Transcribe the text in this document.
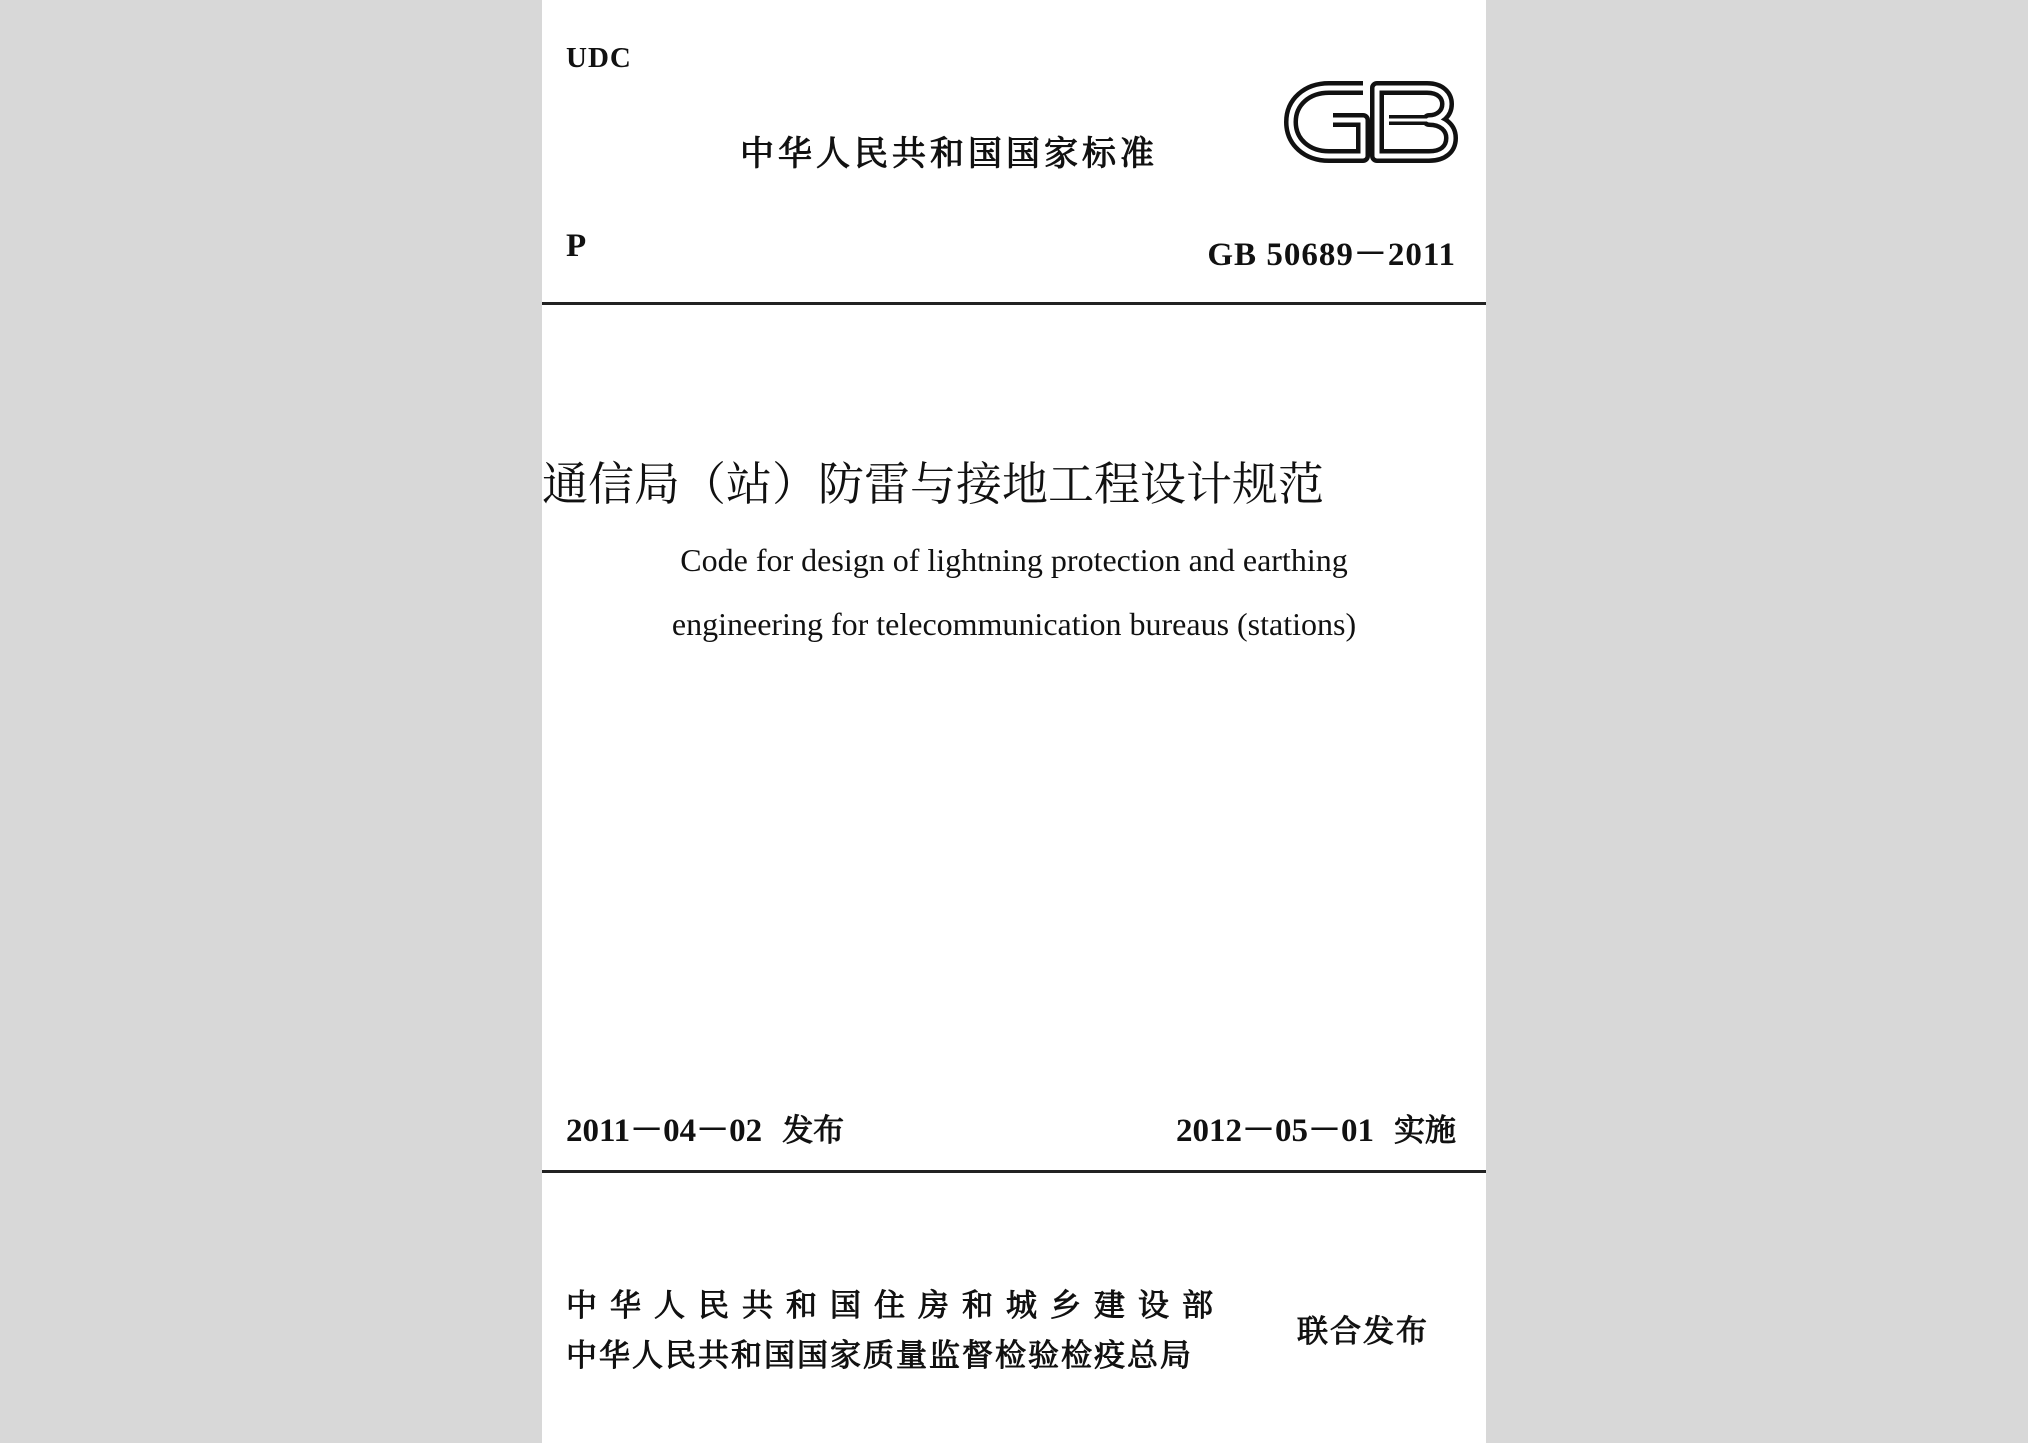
UDC
中华人民共和国国家标准
P	GB 50689－2011
通信局（站）防雷与接地工程设计规范
Code for design of lightning protection and earthing
engineering for telecommunication bureaus (stations)
2011－04－02 发布	2012－05－01 实施
中华人民共和国住房和城乡建设部
中华人民共和国国家质量监督检验检疫总局
联合发布
